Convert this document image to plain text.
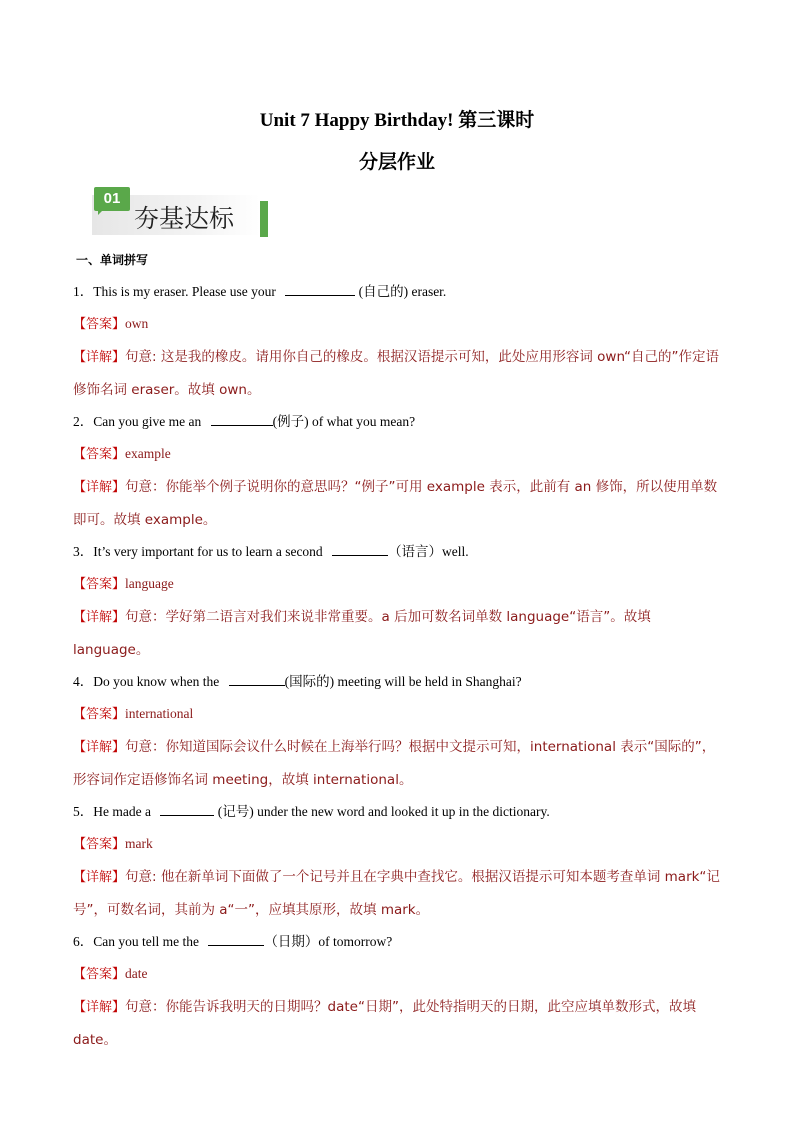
Unit 7 Happy Birthday! 第三课时
分层作业
01
夯基达标
一、单词拼写
1．This is my eraser. Please use your	(自己的) eraser.
【答案】own
【详解】句意: 这是我的橡皮。请用你自己的橡皮。根据汉语提示可知，此处应用形容词 own“自己的”作定语修饰名词 eraser。故填 own。
2．Can you give me an	(例子) of what you mean?
【答案】example
【详解】句意：你能举个例子说明你的意思吗？“例子”可用 example 表示，此前有 an 修饰，所以使用单数即可。故填 example。
3．It’s very important for us to learn a second	（语言）well.
【答案】language
【详解】句意：学好第二语言对我们来说非常重要。a 后加可数名词单数 language“语言”。故填 language。
4．Do you know when the	(国际的) meeting will be held in Shanghai?
【答案】international
【详解】句意：你知道国际会议什么时候在上海举行吗？根据中文提示可知，international 表示“国际的”，形容词作定语修饰名词 meeting，故填 international。
5．He made a	(记号) under the new word and looked it up in the dictionary.
【答案】mark
【详解】句意: 他在新单词下面做了一个记号并且在字典中查找它。根据汉语提示可知本题考查单词 mark“记号”，可数名词，其前为 a“一”，应填其原形，故填 mark。
6．Can you tell me the	（日期）of tomorrow?
【答案】date
【详解】句意：你能告诉我明天的日期吗？date“日期”，此处特指明天的日期，此空应填单数形式，故填 date。
